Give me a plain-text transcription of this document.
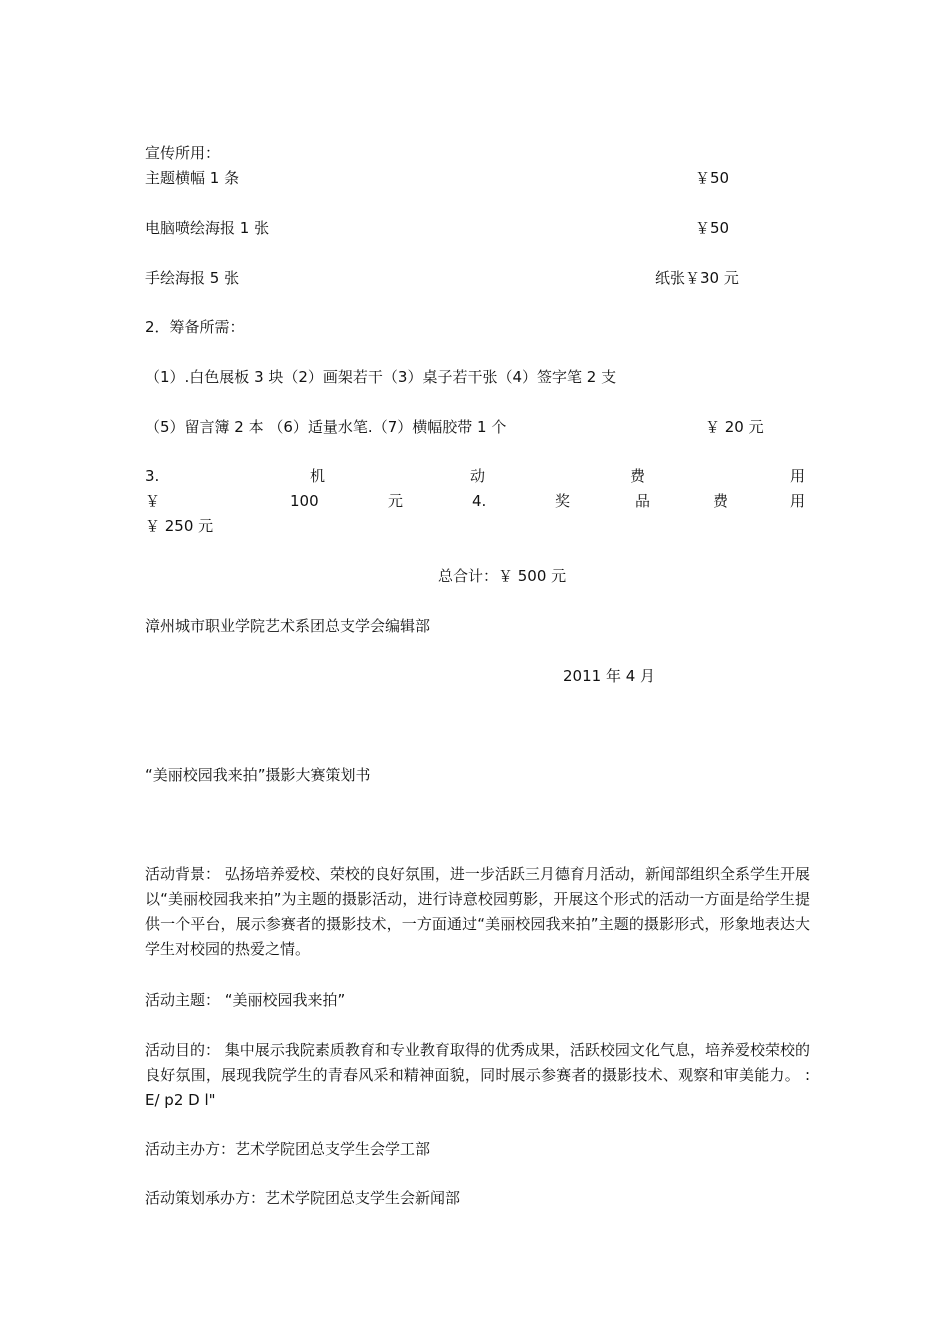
宣传所用：
主题横幅 1 条	￥50
电脑喷绘海报 1 张	￥50
手绘海报 5 张	纸张￥30 元
2．筹备所需：
（1）.白色展板 3 块（2）画架若干（3）桌子若干张（4）签字笔 2 支
（5）留言簿 2 本 （6）适量水笔.（7）横幅胶带 1 个	￥ 20 元
3.	机	动	费	用
￥	100	元	4.	奖	品	费	用
￥ 250 元
总合计：￥ 500 元
漳州城市职业学院艺术系团总支学会编辑部
2011 年 4 月
“美丽校园我来拍”摄影大赛策划书
活动背景： 弘扬培养爱校、荣校的良好氛围，进一步活跃三月德育月活动，新闻部组织全系学生开展以“美丽校园我来拍”为主题的摄影活动，进行诗意校园剪影，开展这个形式的活动一方面是给学生提供一个平台，展示参赛者的摄影技术，一方面通过“美丽校园我来拍”主题的摄影形式，形象地表达大学生对校园的热爱之情。
活动主题： “美丽校园我来拍”
活动目的： 集中展示我院素质教育和专业教育取得的优秀成果，活跃校园文化气息，培养爱校荣校的良好氛围，展现我院学生的青春风采和精神面貌，同时展示参赛者的摄影技术、观察和审美能力。 : E/ p2 D l"
活动主办方：艺术学院团总支学生会学工部
活动策划承办方：艺术学院团总支学生会新闻部
